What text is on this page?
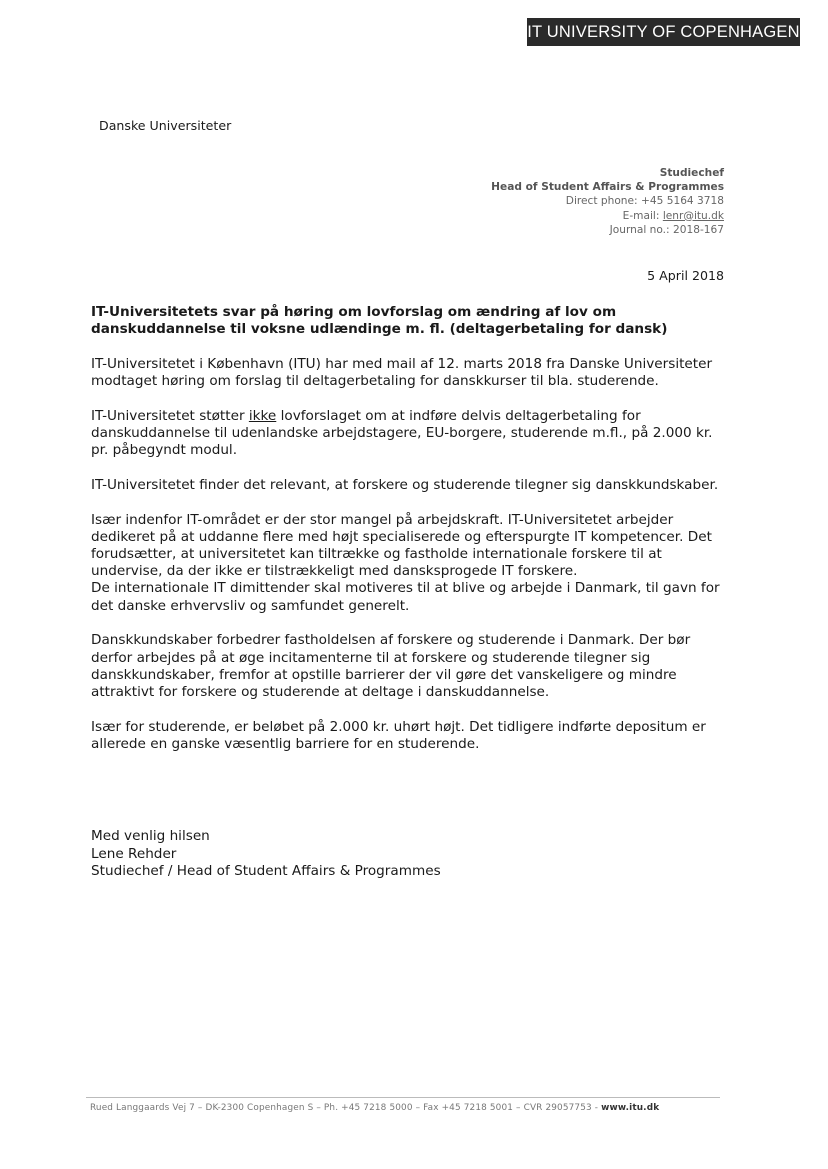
IT UNIVERSITY OF COPENHAGEN
Danske Universiteter
Studiechef
Head of Student Affairs & Programmes
Direct phone: +45 5164 3718
E-mail: lenr@itu.dk
Journal no.: 2018-167
5 April 2018

IT-Universitetets svar på høring om lovforslag om ændring af lov om danskuddannelse til voksne udlændinge m. fl. (deltagerbetaling for dansk)

IT-Universitetet i København (ITU) har med mail af 12. marts 2018 fra Danske Universiteter modtaget høring om forslag til deltagerbetaling for danskkurser til bla. studerende.

IT-Universitetet støtter ikke lovforslaget om at indføre delvis deltagerbetaling for danskuddannelse til udenlandske arbejdstagere, EU-borgere, studerende m.fl., på 2.000 kr. pr. påbegyndt modul.

IT-Universitetet finder det relevant, at forskere og studerende tilegner sig danskkundskaber.

Især indenfor IT-området er der stor mangel på arbejdskraft. IT-Universitetet arbejder dedikeret på at uddanne flere med højt specialiserede og efterspurgte IT kompetencer. Det forudsætter, at universitetet kan tiltrække og fastholde internationale forskere til at undervise, da der ikke er tilstrækkeligt med dansksprogede IT forskere.
De internationale IT dimittender skal motiveres til at blive og arbejde i Danmark, til gavn for det danske erhvervsliv og samfundet generelt.

Danskkundskaber forbedrer fastholdelsen af forskere og studerende i Danmark. Der bør derfor arbejdes på at øge incitamenterne til at forskere og studerende tilegner sig danskkundskaber, fremfor at opstille barrierer der vil gøre det vanskeligere og mindre attraktivt for forskere og studerende at deltage i danskuddannelse.

Især for studerende, er beløbet på 2.000 kr. uhørt højt. Det tidligere indførte depositum er allerede en ganske væsentlig barriere for en studerende.

Med venlig hilsen
Lene Rehder
Studiechef / Head of Student Affairs & Programmes
Rued Langgaards Vej 7 – DK-2300 Copenhagen S – Ph. +45 7218 5000 – Fax +45 7218 5001 – CVR 29057753 - www.itu.dk
